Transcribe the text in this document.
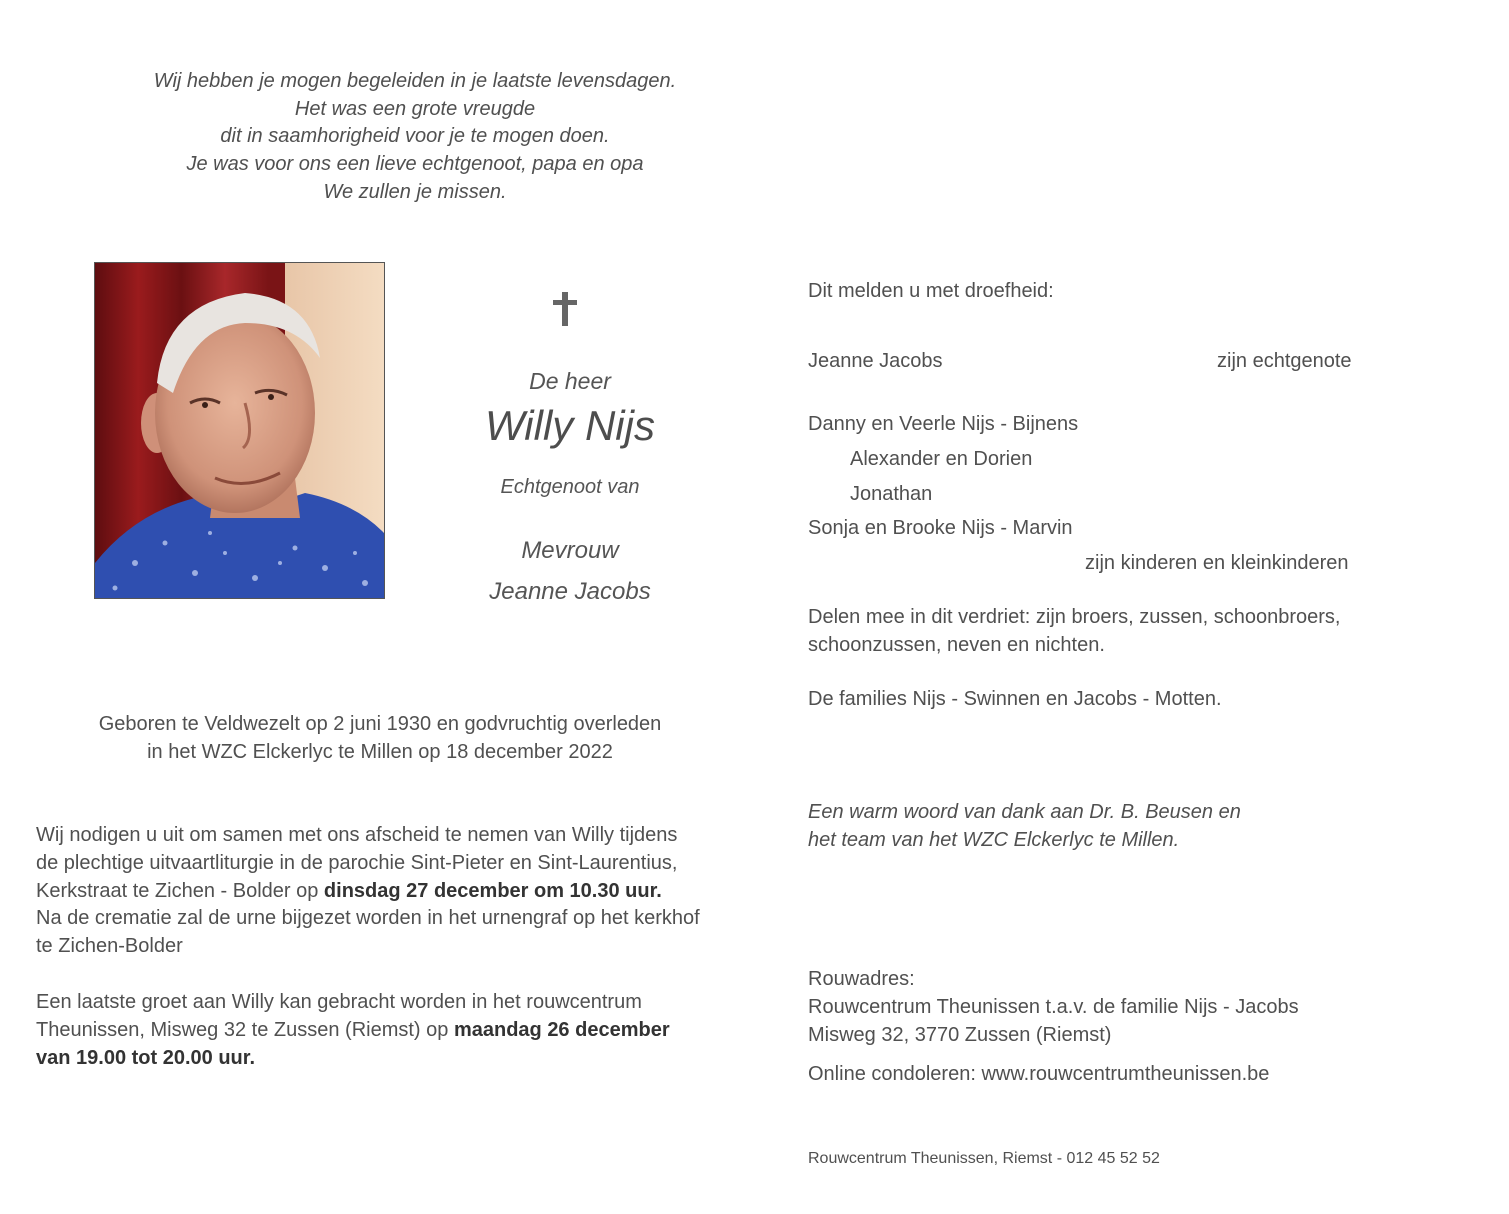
Wij hebben je mogen begeleiden in je laatste levensdagen.
Het was een grote vreugde
dit in saamhorigheid voor je te mogen doen.
Je was voor ons een lieve echtgenoot, papa en opa
We zullen je missen.
De heer
Willy Nijs
Echtgenoot van
Mevrouw
Jeanne Jacobs
Geboren te Veldwezelt op 2 juni 1930 en godvruchtig overleden
in het WZC Elckerlyc te Millen op 18 december 2022
Wij nodigen u uit om samen met ons afscheid te nemen van Willy tijdens
de plechtige uitvaartliturgie in de parochie Sint-Pieter en Sint-Laurentius,
Kerkstraat te Zichen - Bolder op dinsdag 27 december om 10.30 uur.
Na de crematie zal de urne bijgezet worden in het urnengraf op het kerkhof
te Zichen-Bolder
Een laatste groet aan Willy kan gebracht worden in het rouwcentrum
Theunissen, Misweg 32 te Zussen (Riemst) op maandag 26 december
van 19.00 tot 20.00 uur.
Dit melden u met droefheid:
Jeanne Jacobs	zijn echtgenote
Danny en Veerle Nijs - Bijnens
Alexander en Dorien
Jonathan
Sonja en Brooke Nijs - Marvin
zijn kinderen en kleinkinderen
Delen mee in dit verdriet: zijn broers, zussen, schoonbroers,
schoonzussen, neven en nichten.
De families Nijs - Swinnen en Jacobs - Motten.
Een warm woord van dank aan Dr. B. Beusen en
het team van het WZC Elckerlyc te Millen.
Rouwadres:
Rouwcentrum Theunissen t.a.v. de familie Nijs - Jacobs
Misweg 32, 3770 Zussen (Riemst)
Online condoleren: www.rouwcentrumtheunissen.be
Rouwcentrum Theunissen, Riemst - 012 45 52 52
